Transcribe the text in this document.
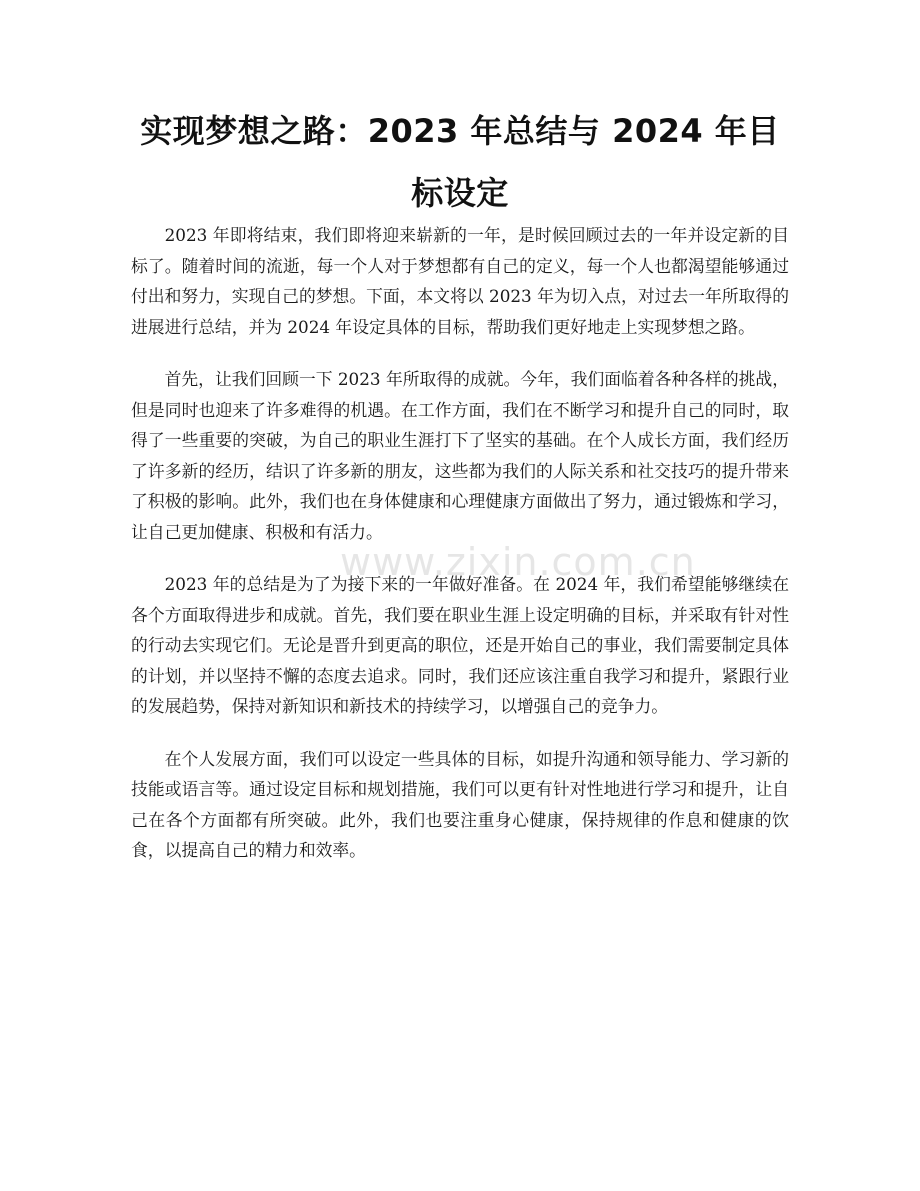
实现梦想之路：2023 年总结与 2024 年目标设定

2023 年即将结束，我们即将迎来崭新的一年，是时候回顾过去的一年并设定新的目标了。随着时间的流逝，每一个人对于梦想都有自己的定义，每一个人也都渴望能够通过付出和努力，实现自己的梦想。下面，本文将以 2023 年为切入点，对过去一年所取得的进展进行总结，并为 2024 年设定具体的目标，帮助我们更好地走上实现梦想之路。

首先，让我们回顾一下 2023 年所取得的成就。今年，我们面临着各种各样的挑战，但是同时也迎来了许多难得的机遇。在工作方面，我们在不断学习和提升自己的同时，取得了一些重要的突破，为自己的职业生涯打下了坚实的基础。在个人成长方面，我们经历了许多新的经历，结识了许多新的朋友，这些都为我们的人际关系和社交技巧的提升带来了积极的影响。此外，我们也在身体健康和心理健康方面做出了努力，通过锻炼和学习，让自己更加健康、积极和有活力。

2023 年的总结是为了为接下来的一年做好准备。在 2024 年，我们希望能够继续在各个方面取得进步和成就。首先，我们要在职业生涯上设定明确的目标，并采取有针对性的行动去实现它们。无论是晋升到更高的职位，还是开始自己的事业，我们需要制定具体的计划，并以坚持不懈的态度去追求。同时，我们还应该注重自我学习和提升，紧跟行业的发展趋势，保持对新知识和新技术的持续学习，以增强自己的竞争力。

在个人发展方面，我们可以设定一些具体的目标，如提升沟通和领导能力、学习新的技能或语言等。通过设定目标和规划措施，我们可以更有针对性地进行学习和提升，让自己在各个方面都有所突破。此外，我们也要注重身心健康，保持规律的作息和健康的饮食，以提高自己的精力和效率。

www.zixin.com.cn
